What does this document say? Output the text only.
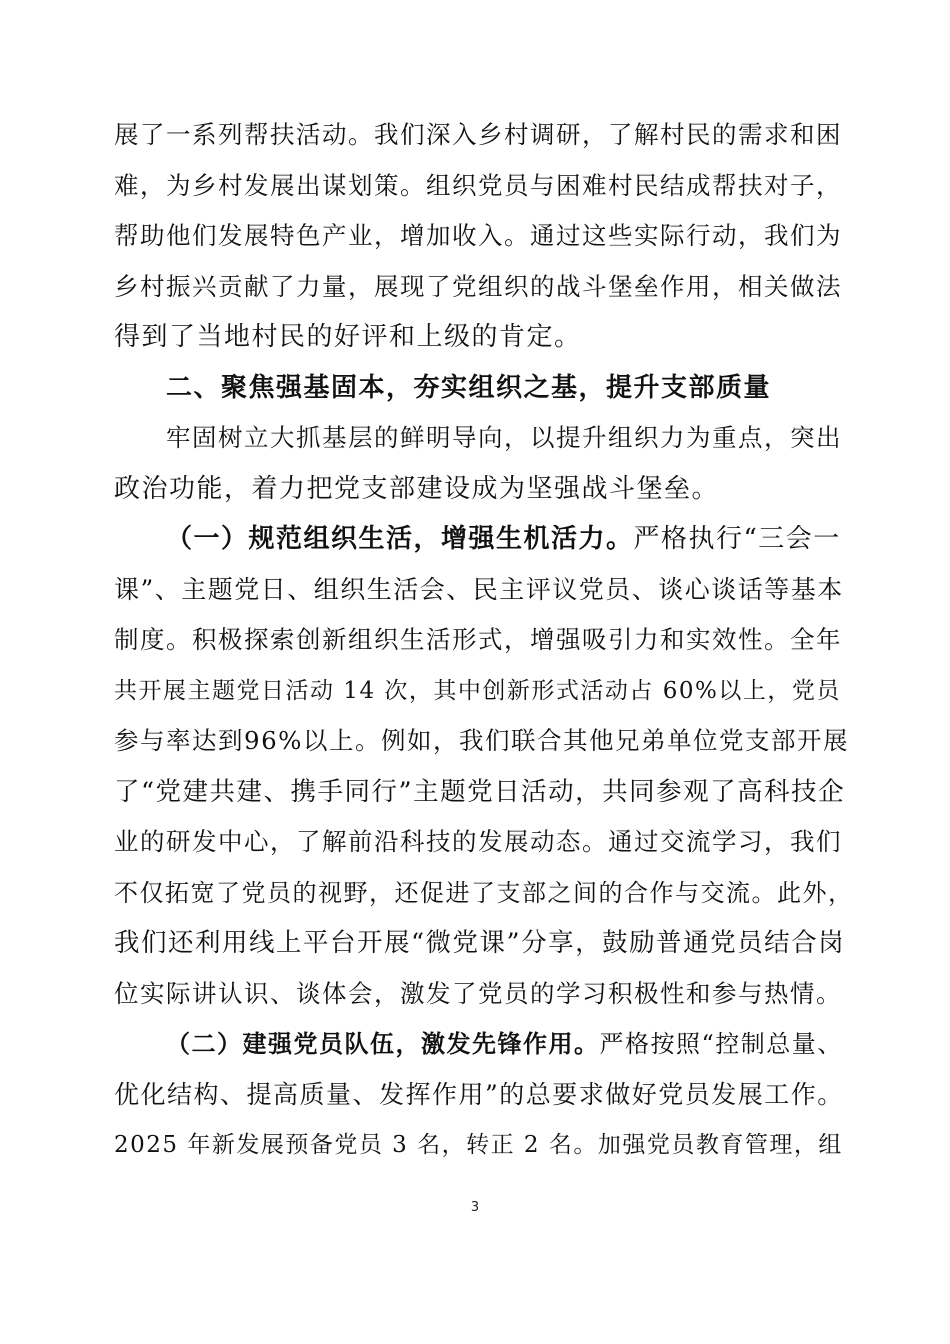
展了一系列帮扶活动。我们深入乡村调研，了解村民的需求和困
难，为乡村发展出谋划策。组织党员与困难村民结成帮扶对子，
帮助他们发展特色产业，增加收入。通过这些实际行动，我们为
乡村振兴贡献了力量，展现了党组织的战斗堡垒作用，相关做法
得到了当地村民的好评和上级的肯定。
二、聚焦强基固本，夯实组织之基，提升支部质量
牢固树立大抓基层的鲜明导向，以提升组织力为重点，突出
政治功能，着力把党支部建设成为坚强战斗堡垒。
（一）规范组织生活，增强生机活力。严格执行“三会一
课”、主题党日、组织生活会、民主评议党员、谈心谈话等基本
制度。积极探索创新组织生活形式，增强吸引力和实效性。全年
共开展主题党日活动 14 次，其中创新形式活动占 60%以上，党员
参与率达到96%以上。例如，我们联合其他兄弟单位党支部开展
了“党建共建、携手同行”主题党日活动，共同参观了高科技企
业的研发中心，了解前沿科技的发展动态。通过交流学习，我们
不仅拓宽了党员的视野，还促进了支部之间的合作与交流。此外，
我们还利用线上平台开展“微党课”分享，鼓励普通党员结合岗
位实际讲认识、谈体会，激发了党员的学习积极性和参与热情。
（二）建强党员队伍，激发先锋作用。严格按照“控制总量、
优化结构、提高质量、发挥作用”的总要求做好党员发展工作。
2025 年新发展预备党员 3 名，转正 2 名。加强党员教育管理，组
3
